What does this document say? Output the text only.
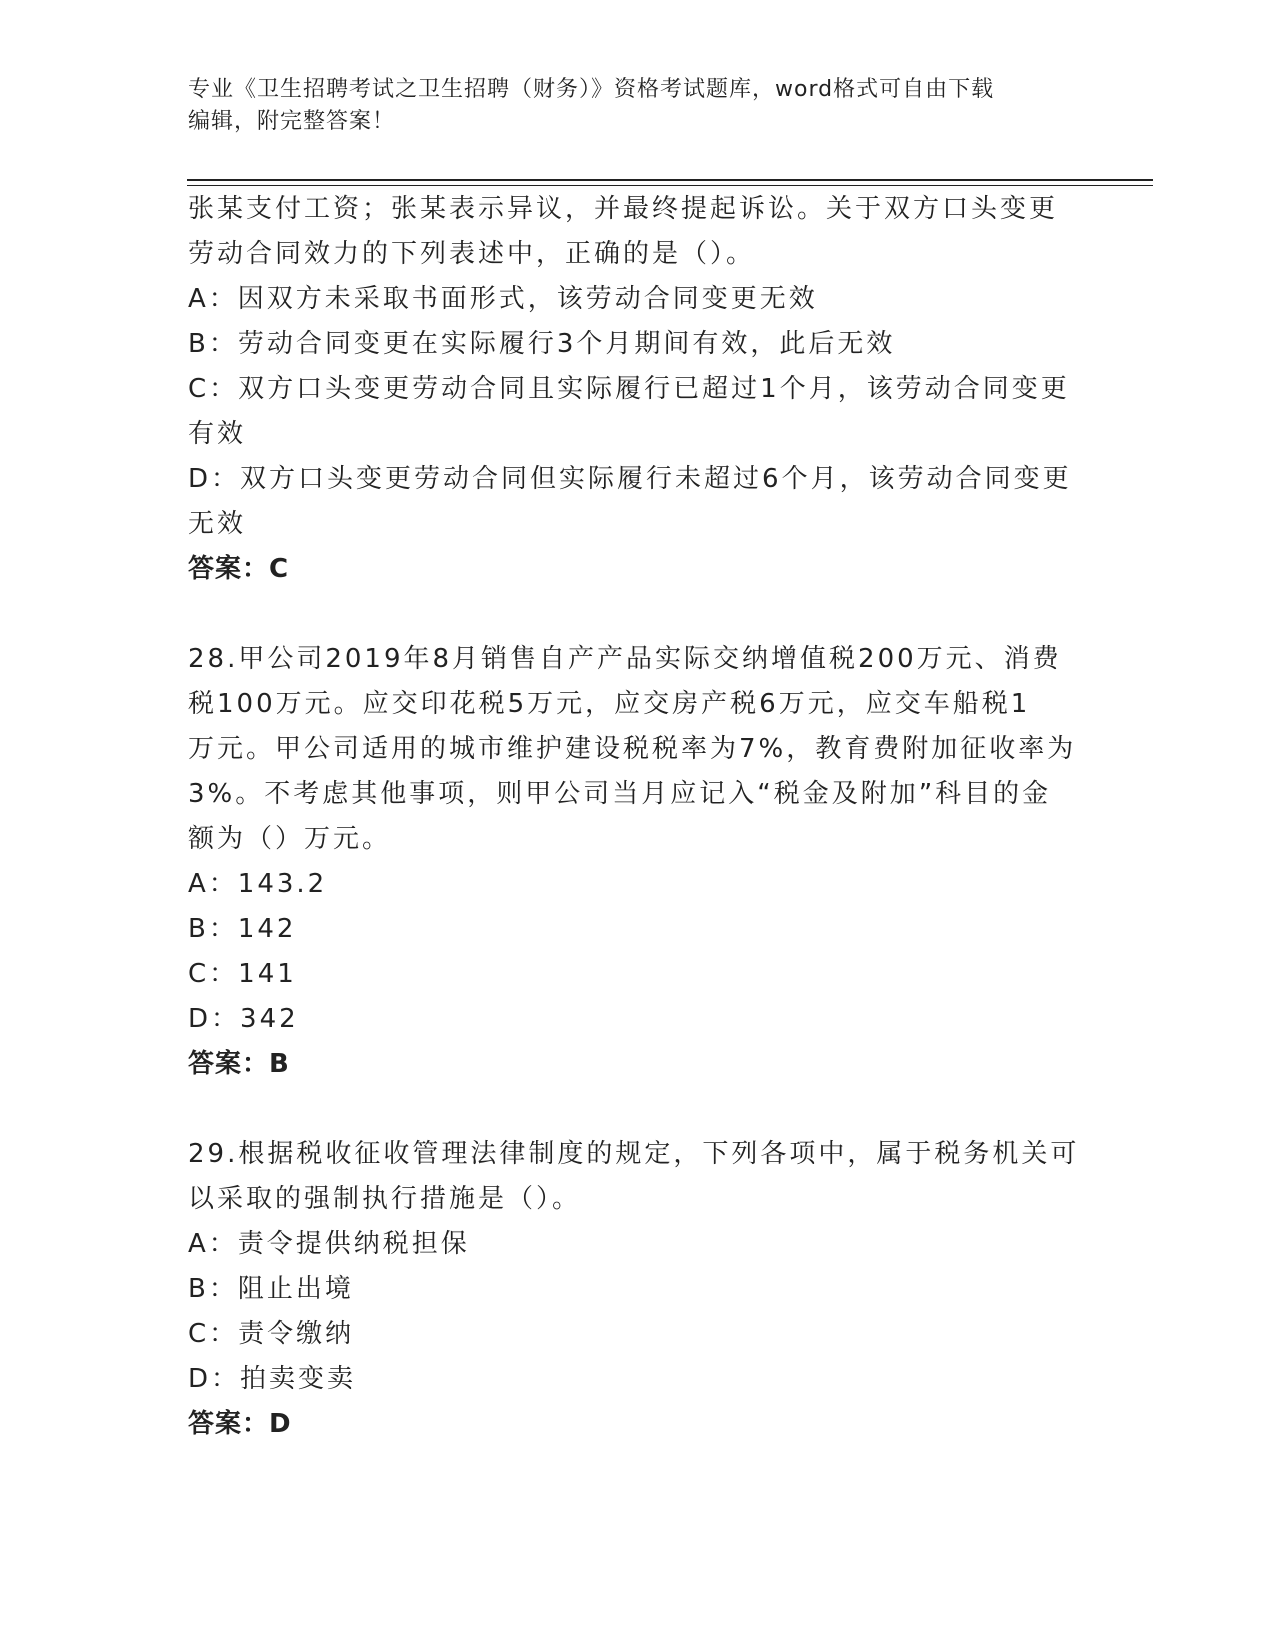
专业《卫生招聘考试之卫生招聘（财务）》资格考试题库，word格式可自由下载
编辑，附完整答案！
张某支付工资；张某表示异议，并最终提起诉讼。关于双方口头变更
劳动合同效力的下列表述中，正确的是（）。
A：因双方未采取书面形式，该劳动合同变更无效
B：劳动合同变更在实际履行3个月期间有效，此后无效
C：双方口头变更劳动合同且实际履行已超过1个月，该劳动合同变更
有效
D：双方口头变更劳动合同但实际履行未超过6个月，该劳动合同变更
无效
答案：C
28.甲公司2019年8月销售自产产品实际交纳增值税200万元、消费
税100万元。应交印花税5万元，应交房产税6万元，应交车船税1
万元。甲公司适用的城市维护建设税税率为7%，教育费附加征收率为
3%。不考虑其他事项，则甲公司当月应记入“税金及附加”科目的金
额为（）万元。
A：143.2
B：142
C：141
D：342
答案：B
29.根据税收征收管理法律制度的规定，下列各项中，属于税务机关可
以采取的强制执行措施是（）。
A：责令提供纳税担保
B：阻止出境
C：责令缴纳
D：拍卖变卖
答案：D
